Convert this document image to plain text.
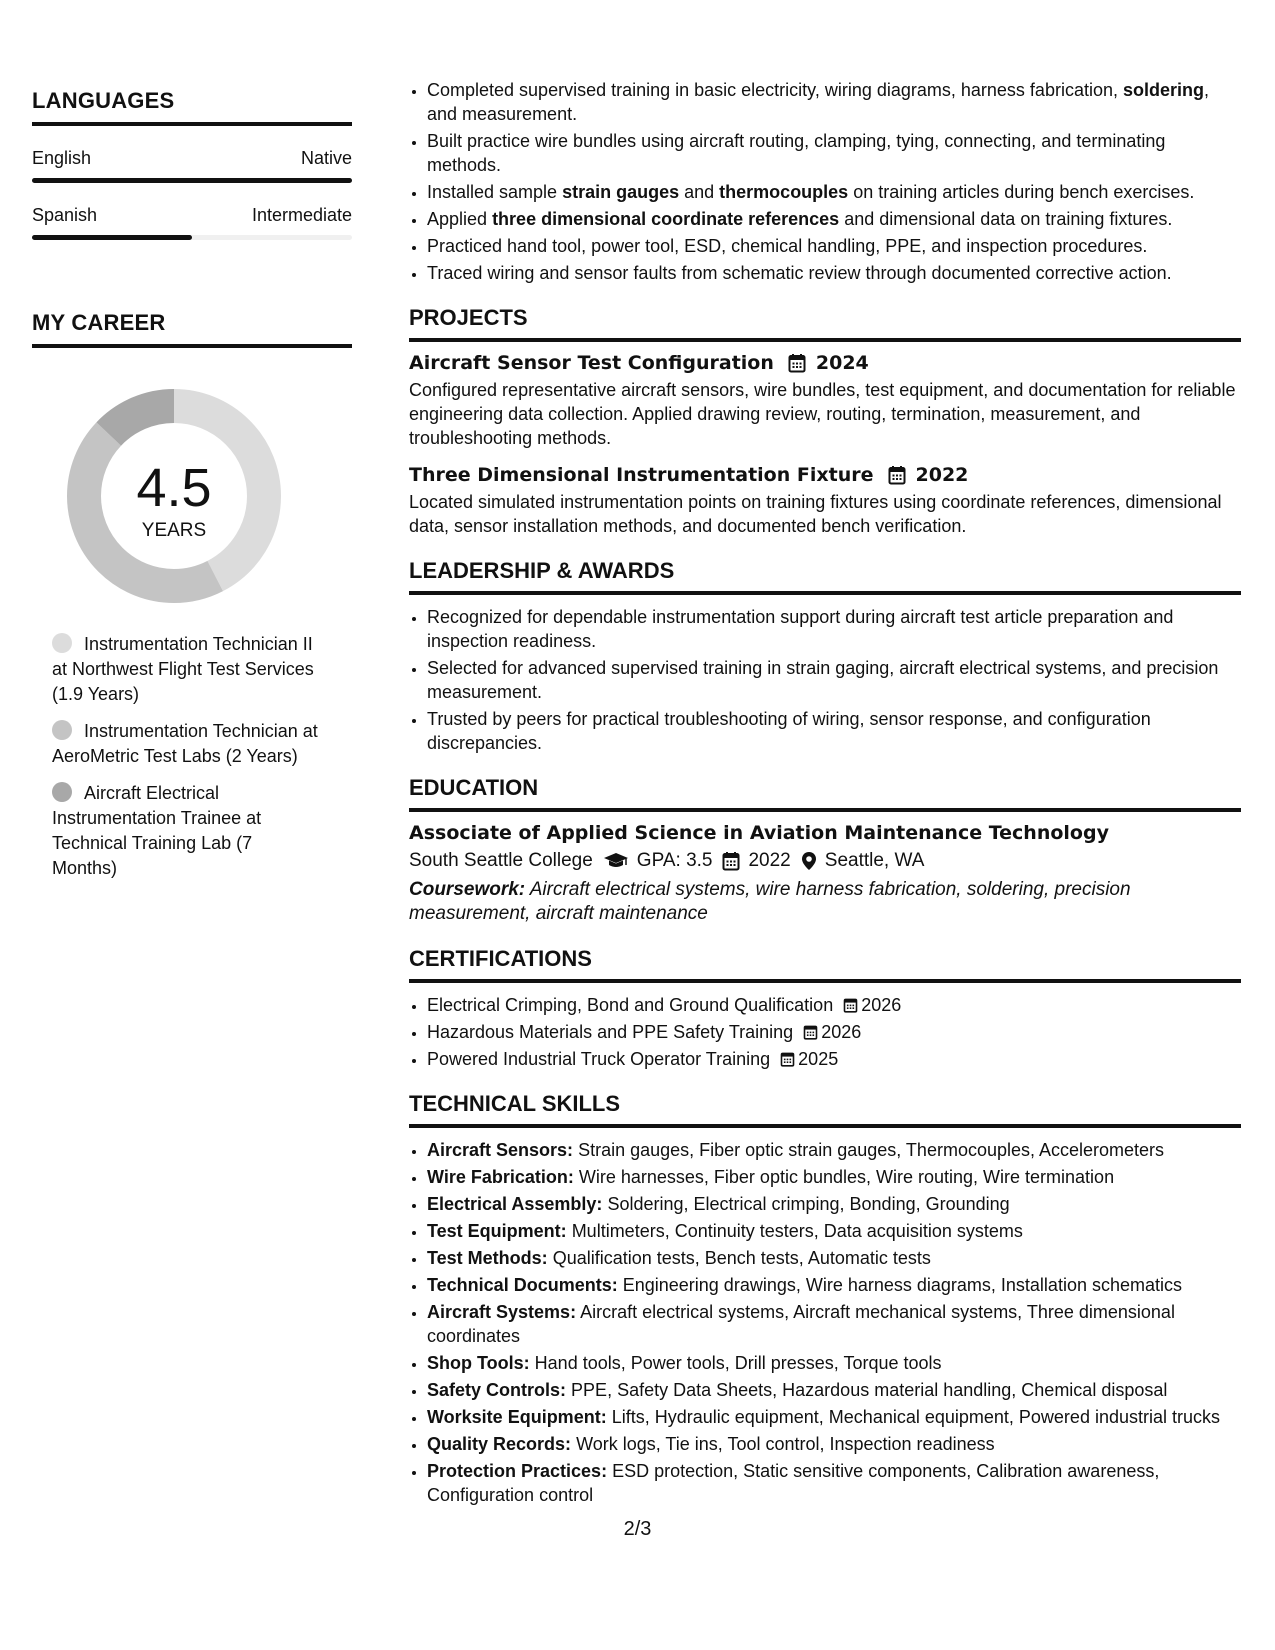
LANGUAGES
English	Native
Spanish	Intermediate
MY CAREER
4.5
YEARS
Instrumentation Technician II at Northwest Flight Test Services (1.9 Years)
Instrumentation Technician at AeroMetric Test Labs (2 Years)
Aircraft Electrical Instrumentation Trainee at Technical Training Lab (7 Months)
• Completed supervised training in basic electricity, wiring diagrams, harness fabrication, soldering, and measurement.
• Built practice wire bundles using aircraft routing, clamping, tying, connecting, and terminating methods.
• Installed sample strain gauges and thermocouples on training articles during bench exercises.
• Applied three dimensional coordinate references and dimensional data on training fixtures.
• Practiced hand tool, power tool, ESD, chemical handling, PPE, and inspection procedures.
• Traced wiring and sensor faults from schematic review through documented corrective action.
PROJECTS
Aircraft Sensor Test Configuration 2024
Configured representative aircraft sensors, wire bundles, test equipment, and documentation for reliable engineering data collection. Applied drawing review, routing, termination, measurement, and troubleshooting methods.
Three Dimensional Instrumentation Fixture 2022
Located simulated instrumentation points on training fixtures using coordinate references, dimensional data, sensor installation methods, and documented bench verification.
LEADERSHIP & AWARDS
• Recognized for dependable instrumentation support during aircraft test article preparation and inspection readiness.
• Selected for advanced supervised training in strain gaging, aircraft electrical systems, and precision measurement.
• Trusted by peers for practical troubleshooting of wiring, sensor response, and configuration discrepancies.
EDUCATION
Associate of Applied Science in Aviation Maintenance Technology
South Seattle College GPA: 3.5 2022 Seattle, WA
Coursework: Aircraft electrical systems, wire harness fabrication, soldering, precision measurement, aircraft maintenance
CERTIFICATIONS
• Electrical Crimping, Bond and Ground Qualification 2026
• Hazardous Materials and PPE Safety Training 2026
• Powered Industrial Truck Operator Training 2025
TECHNICAL SKILLS
• Aircraft Sensors: Strain gauges, Fiber optic strain gauges, Thermocouples, Accelerometers
• Wire Fabrication: Wire harnesses, Fiber optic bundles, Wire routing, Wire termination
• Electrical Assembly: Soldering, Electrical crimping, Bonding, Grounding
• Test Equipment: Multimeters, Continuity testers, Data acquisition systems
• Test Methods: Qualification tests, Bench tests, Automatic tests
• Technical Documents: Engineering drawings, Wire harness diagrams, Installation schematics
• Aircraft Systems: Aircraft electrical systems, Aircraft mechanical systems, Three dimensional coordinates
• Shop Tools: Hand tools, Power tools, Drill presses, Torque tools
• Safety Controls: PPE, Safety Data Sheets, Hazardous material handling, Chemical disposal
• Worksite Equipment: Lifts, Hydraulic equipment, Mechanical equipment, Powered industrial trucks
• Quality Records: Work logs, Tie ins, Tool control, Inspection readiness
• Protection Practices: ESD protection, Static sensitive components, Calibration awareness, Configuration control
2/3
